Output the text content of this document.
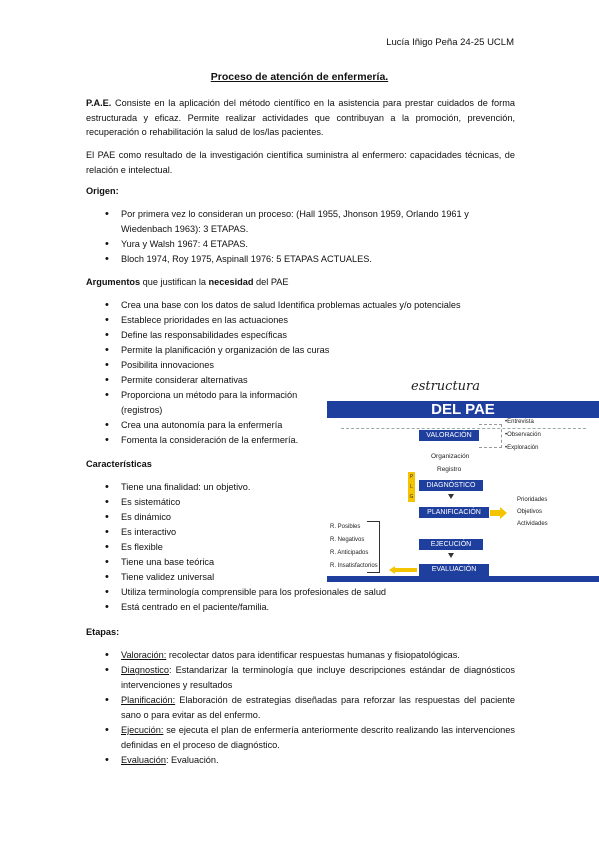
Lucía Iñigo Peña 24-25 UCLM
Proceso de atención de enfermería.

P.A.E. Consiste en la aplicación del método científico en la asistencia para prestar cuidados de forma estructurada y eficaz. Permite realizar actividades que contribuyan a la promoción, prevención, recuperación o rehabilitación la salud de los/las pacientes.

El PAE como resultado de la investigación científica suministra al enfermero: capacidades técnicas, de relación e intelectual.

Origen:
• Por primera vez lo consideran un proceso: (Hall 1955, Jhonson 1959, Orlando 1961 y Wiedenbach 1963): 3 ETAPAS.
• Yura y Walsh 1967: 4 ETAPAS.
• Bloch 1974, Roy 1975, Aspinall 1976: 5 ETAPAS ACTUALES.
Argumentos que justifican la necesidad del PAE
• Crea una base con los datos de salud Identifica problemas actuales y/o potenciales
• Establece prioridades en las actuaciones
• Define las responsabilidades específicas
• Permite la planificación y organización de las curas
• Posibilita innovaciones
• Permite considerar alternativas
• Proporciona un método para la información (registros)
• Crea una autonomía para la enfermería
• Fomenta la consideración de la enfermería.
Características
• Tiene una finalidad: un objetivo.
• Es sistemático
• Es dinámico
• Es interactivo
• Es flexible
• Tiene una base teórica
• Tiene validez universal
• Utiliza terminología comprensible para los profesionales de salud
• Está centrado en el paciente/familia.
Etapas:
• Valoración: recolectar datos para identificar respuestas humanas y fisiopatológicas.
• Diagnostico: Estandarizar la terminología que incluye descripciones estándar de diagnósticos intervenciones y resultados
• Planificación: Elaboración de estrategias diseñadas para reforzar las respuestas del paciente sano o para evitar as del enfermo.
• Ejecución: se ejecuta el plan de enfermería anteriormente descrito realizando las intervenciones definidas en el proceso de diagnóstico.
• Evaluación: Evaluación.
estructura
DEL PAE
VALORACIÓN
•Entrevista
•Observación
•Exploración
Organización
Registro
P
L
G
DIAGNÓSTICO
PLANIFICACIÓN
Prioridades
Objetivos
Actividades
EJECUCIÓN
R. Posibles
R. Negativos
R. Anticipados
R. Insatisfactorios	EVALUACIÓN
